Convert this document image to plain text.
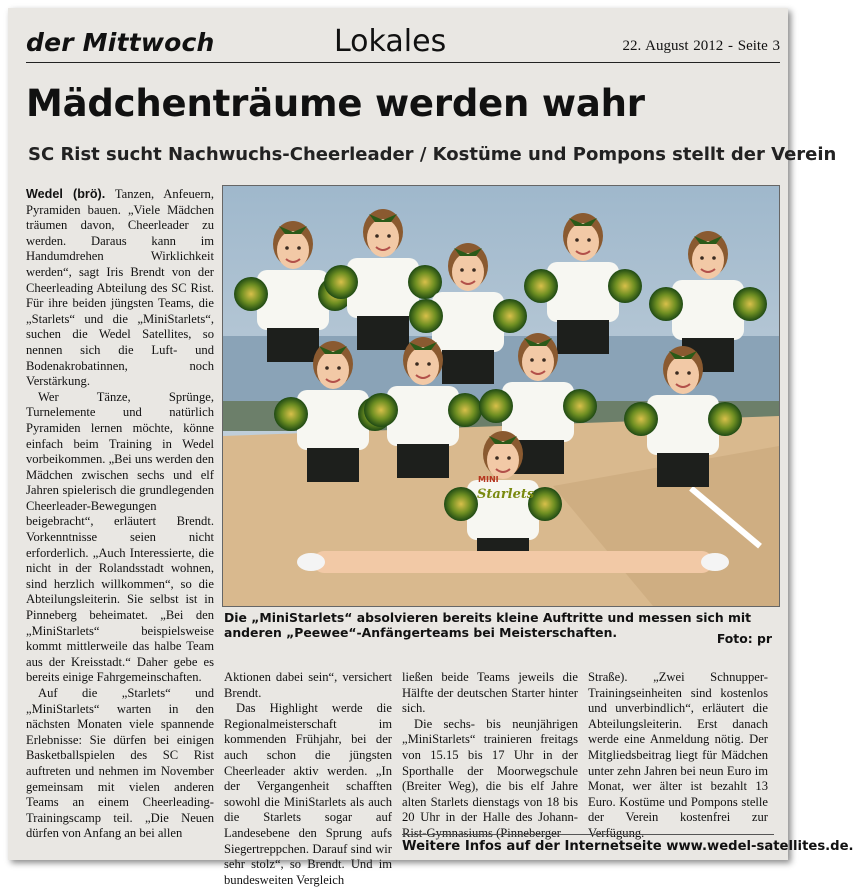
der Mittwoch	Lokales	22. August 2012 - Seite 3
Mädchenträume werden wahr
SC Rist sucht Nachwuchs-Cheerleader / Kostüme und Pompons stellt der Verein

Wedel (brö). Tanzen, Anfeuern, Pyramiden bauen. „Viele Mädchen träumen davon, Cheerleader zu werden. Daraus kann im Handumdrehen Wirklichkeit werden“, sagt Iris Brendt von der Cheerleading Abteilung des SC Rist. Für ihre beiden jüngsten Teams, die „Starlets“ und die „MiniStarlets“, suchen die Wedel Satellites, so nennen sich die Luft- und Bodenakrobatinnen, noch Verstärkung.

Wer Tänze, Sprünge, Turnelemente und natürlich Pyramiden lernen möchte, könne einfach beim Training in Wedel vorbeikommen. „Bei uns werden den Mädchen zwischen sechs und elf Jahren spielerisch die grundlegenden Cheerleader-Bewegungen beigebracht“, erläutert Brendt. Vorkenntnisse seien nicht erforderlich. „Auch Interessierte, die nicht in der Rolandsstadt wohnen, sind herzlich willkommen“, so die Abteilungsleiterin. Sie selbst ist in Pinneberg beheimatet. „Bei den „MiniStarlets“ beispielsweise kommt mittlerweile das halbe Team aus der Kreisstadt.“ Daher gebe es bereits einige Fahrgemeinschaften.

Auf die „Starlets“ und „MiniStarlets“ warten in den nächsten Monaten viele spannende Erlebnisse: Sie dürfen bei einigen Basketballspielen des SC Rist auftreten und nehmen im November gemeinsam mit vielen anderen Teams an einem Cheerleading-Trainingscamp teil. „Die Neuen dürfen von Anfang an bei allen

MINI
Starlets

Die „MiniStarlets“ absolvieren bereits kleine Auftritte und messen sich mit anderen „Peewee“-Anfängerteams bei Meisterschaften.	Foto: pr

Aktionen dabei sein“, versichert Brendt.

Das Highlight werde die Regionalmeisterschaft im kommenden Frühjahr, bei der auch schon die jüngsten Cheerleader aktiv werden. „In der Vergangenheit schafften sowohl die MiniStarlets als auch die Starlets sogar auf Landesebene den Sprung aufs Siegertreppchen. Darauf sind wir sehr stolz“, so Brendt. Und im bundesweiten Vergleich

ließen beide Teams jeweils die Hälfte der deutschen Starter hinter sich.

Die sechs- bis neunjährigen „MiniStarlets“ trainieren freitags von 15.15 bis 17 Uhr in der Sporthalle der Moorwegschule (Breiter Weg), die bis elf Jahre alten Starlets dienstags von 18 bis 20 Uhr in der Halle des Johann-Rist-Gymnasiums (Pinneberger

Straße). „Zwei Schnupper-Trainingseinheiten sind kostenlos und unverbindlich“, erläutert die Abteilungsleiterin. Erst danach werde eine Anmeldung nötig. Der Mitgliedsbeitrag liegt für Mädchen unter zehn Jahren bei neun Euro im Monat, wer älter ist bezahlt 13 Euro. Kostüme und Pompons stelle der Verein kostenfrei zur Verfügung.

Weitere Infos auf der Internetseite www.wedel-satellites.de.
